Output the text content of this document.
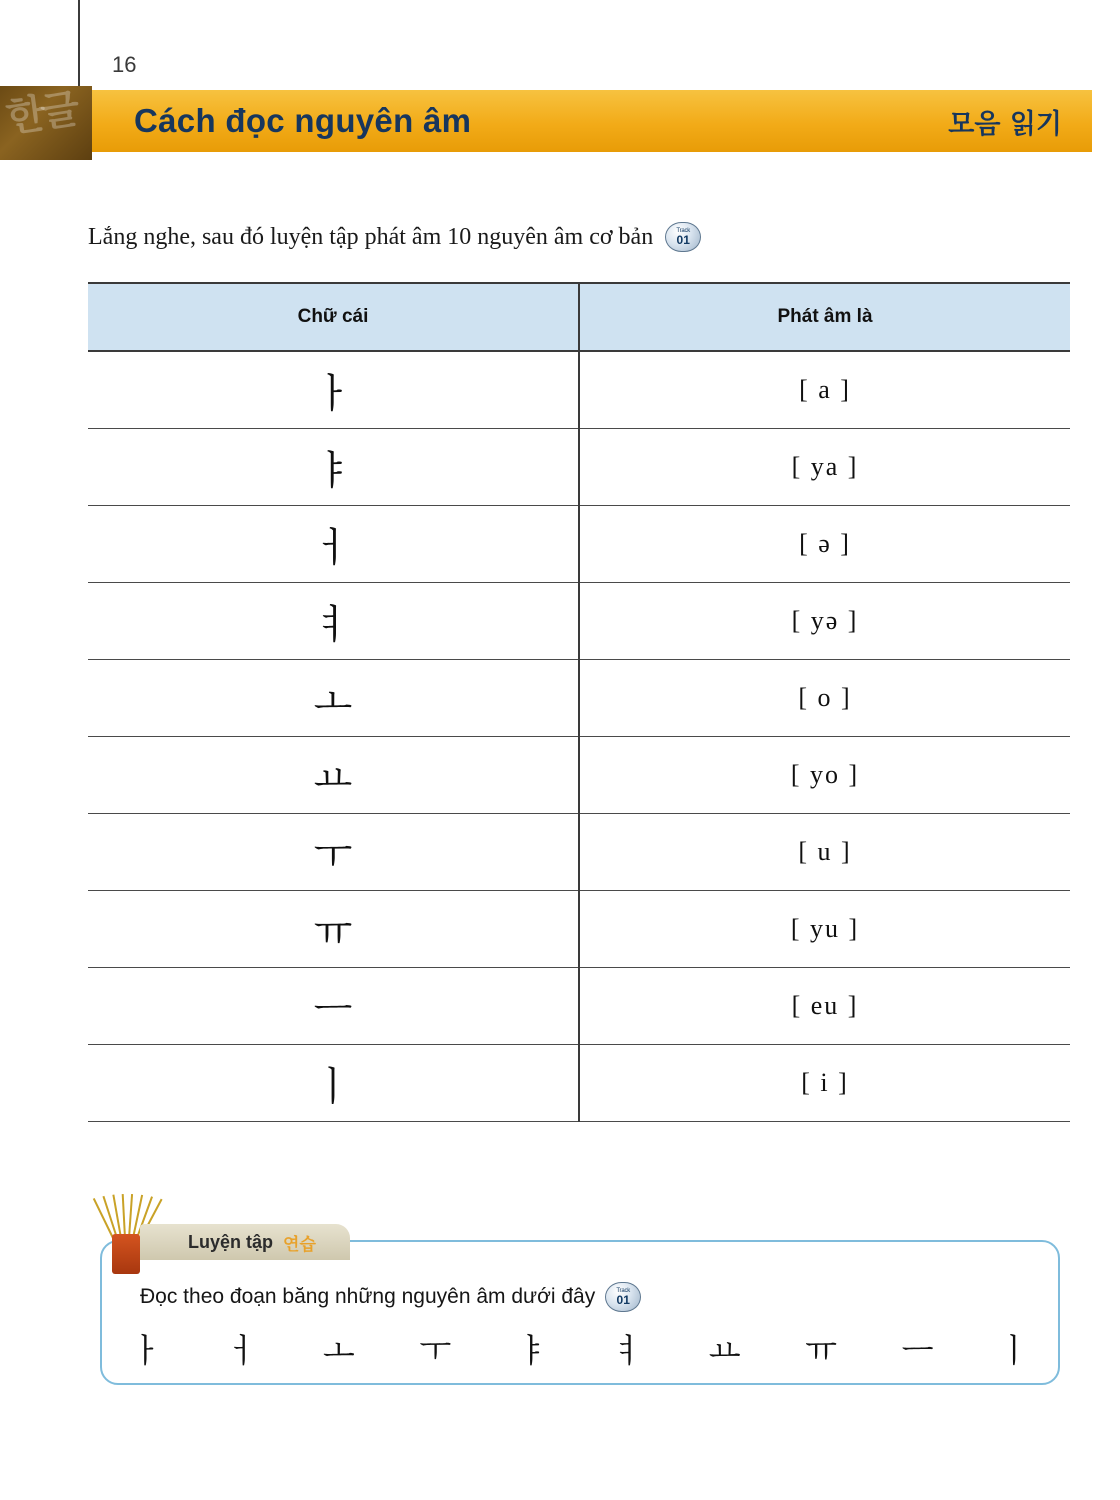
한글
16
Cách đọc nguyên âm	모음 읽기
Lắng nghe, sau đó luyện tập phát âm 10 nguyên âm cơ bản	Track
01
Chữ cái	Phát âm là
ㅏ	[ a ]
ㅑ	[ ya ]
ㅓ	[ ə ]
ㅕ	[ yə ]
ㅗ	[ o ]
ㅛ	[ yo ]
ㅜ	[ u ]
ㅠ	[ yu ]
ㅡ	[ eu ]
ㅣ	[ i ]
Luyện tập 연습
Đọc theo đoạn băng những nguyên âm dưới đây	Track
01
ㅏ ㅓ ㅗ ㅜ ㅑ ㅕ ㅛ ㅠ ㅡ ㅣ
